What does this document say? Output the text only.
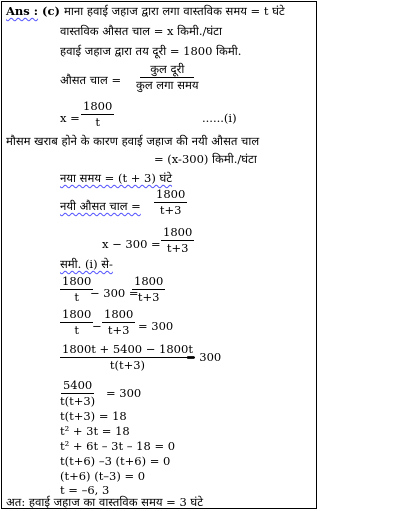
Ans : (c) माना हवाई जहाज द्वारा लगा वास्तविक समय = t घंटे
वास्तविक औसत चाल = x किमी./घंटा
हवाई जहाज द्वारा तय दूरी = 1800 किमी.
औसत चाल =
कुल दूरी
कुल लगा समय
$x = \frac{1800}{t}$	......(i)
मौसम खराब होने के कारण हवाई जहाज की नयी औसत चाल
= (x-300) किमी./घंटा
नया समय = (t + 3) घंटे
नयी औसत चाल = $\frac{1800}{t+3}$
$x - 300 = \frac{1800}{t+3}$
समी. (i) से-
$\frac{1800}{t}$
− 300 =
$\frac{1800}{t+3}$
$\frac{1800}{t}$
− $\frac{1800}{t+3} = 300$
$\frac{1800t + 5400 - 1800t}{t(t+3)}$
= 300
$\frac{5400}{t(t+3)} = 300$
t(t+3) = 18
t² + 3t = 18
t² + 6t – 3t – 18 = 0
t(t+6) –3 (t+6) = 0
(t+6) (t–3) = 0
t = –6, 3
अत: हवाई जहाज का वास्तविक समय = 3 घंटे
